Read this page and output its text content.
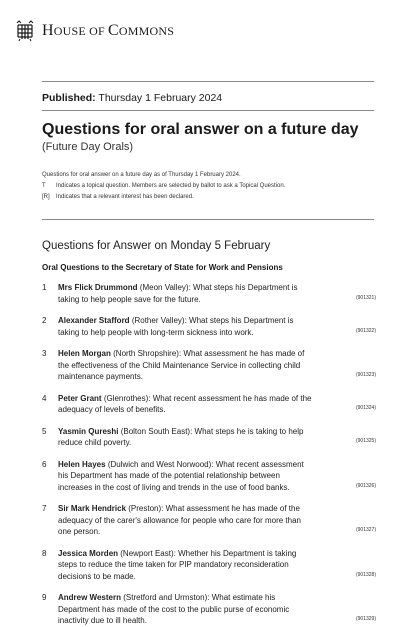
HOUSE OF COMMONS
Published: Thursday 1 February 2024
Questions for oral answer on a future day
(Future Day Orals)
Questions for oral answer on a future day as of Thursday 1 February 2024.
T	Indicates a topical question. Members are selected by ballot to ask a Topical Question.
[R]	Indicates that a relevant interest has been declared.
Questions for Answer on Monday 5 February
Oral Questions to the Secretary of State for Work and Pensions
1	Mrs Flick Drummond (Meon Valley): What steps his Department is taking to help people save for the future.	(901321)
2	Alexander Stafford (Rother Valley): What steps his Department is taking to help people with long-term sickness into work.	(901322)
3	Helen Morgan (North Shropshire): What assessment he has made of the effectiveness of the Child Maintenance Service in collecting child maintenance payments.	(901323)
4	Peter Grant (Glenrothes): What recent assessment he has made of the adequacy of levels of benefits.	(901324)
5	Yasmin Qureshi (Bolton South East): What steps he is taking to help reduce child poverty.	(901325)
6	Helen Hayes (Dulwich and West Norwood): What recent assessment his Department has made of the potential relationship between increases in the cost of living and trends in the use of food banks.	(901326)
7	Sir Mark Hendrick (Preston): What assessment he has made of the adequacy of the carer's allowance for people who care for more than one person.	(901327)
8	Jessica Morden (Newport East): Whether his Department is taking steps to reduce the time taken for PIP mandatory reconsideration decisions to be made.	(901328)
9	Andrew Western (Stretford and Urmston): What estimate his Department has made of the cost to the public purse of economic inactivity due to ill health.	(901329)
